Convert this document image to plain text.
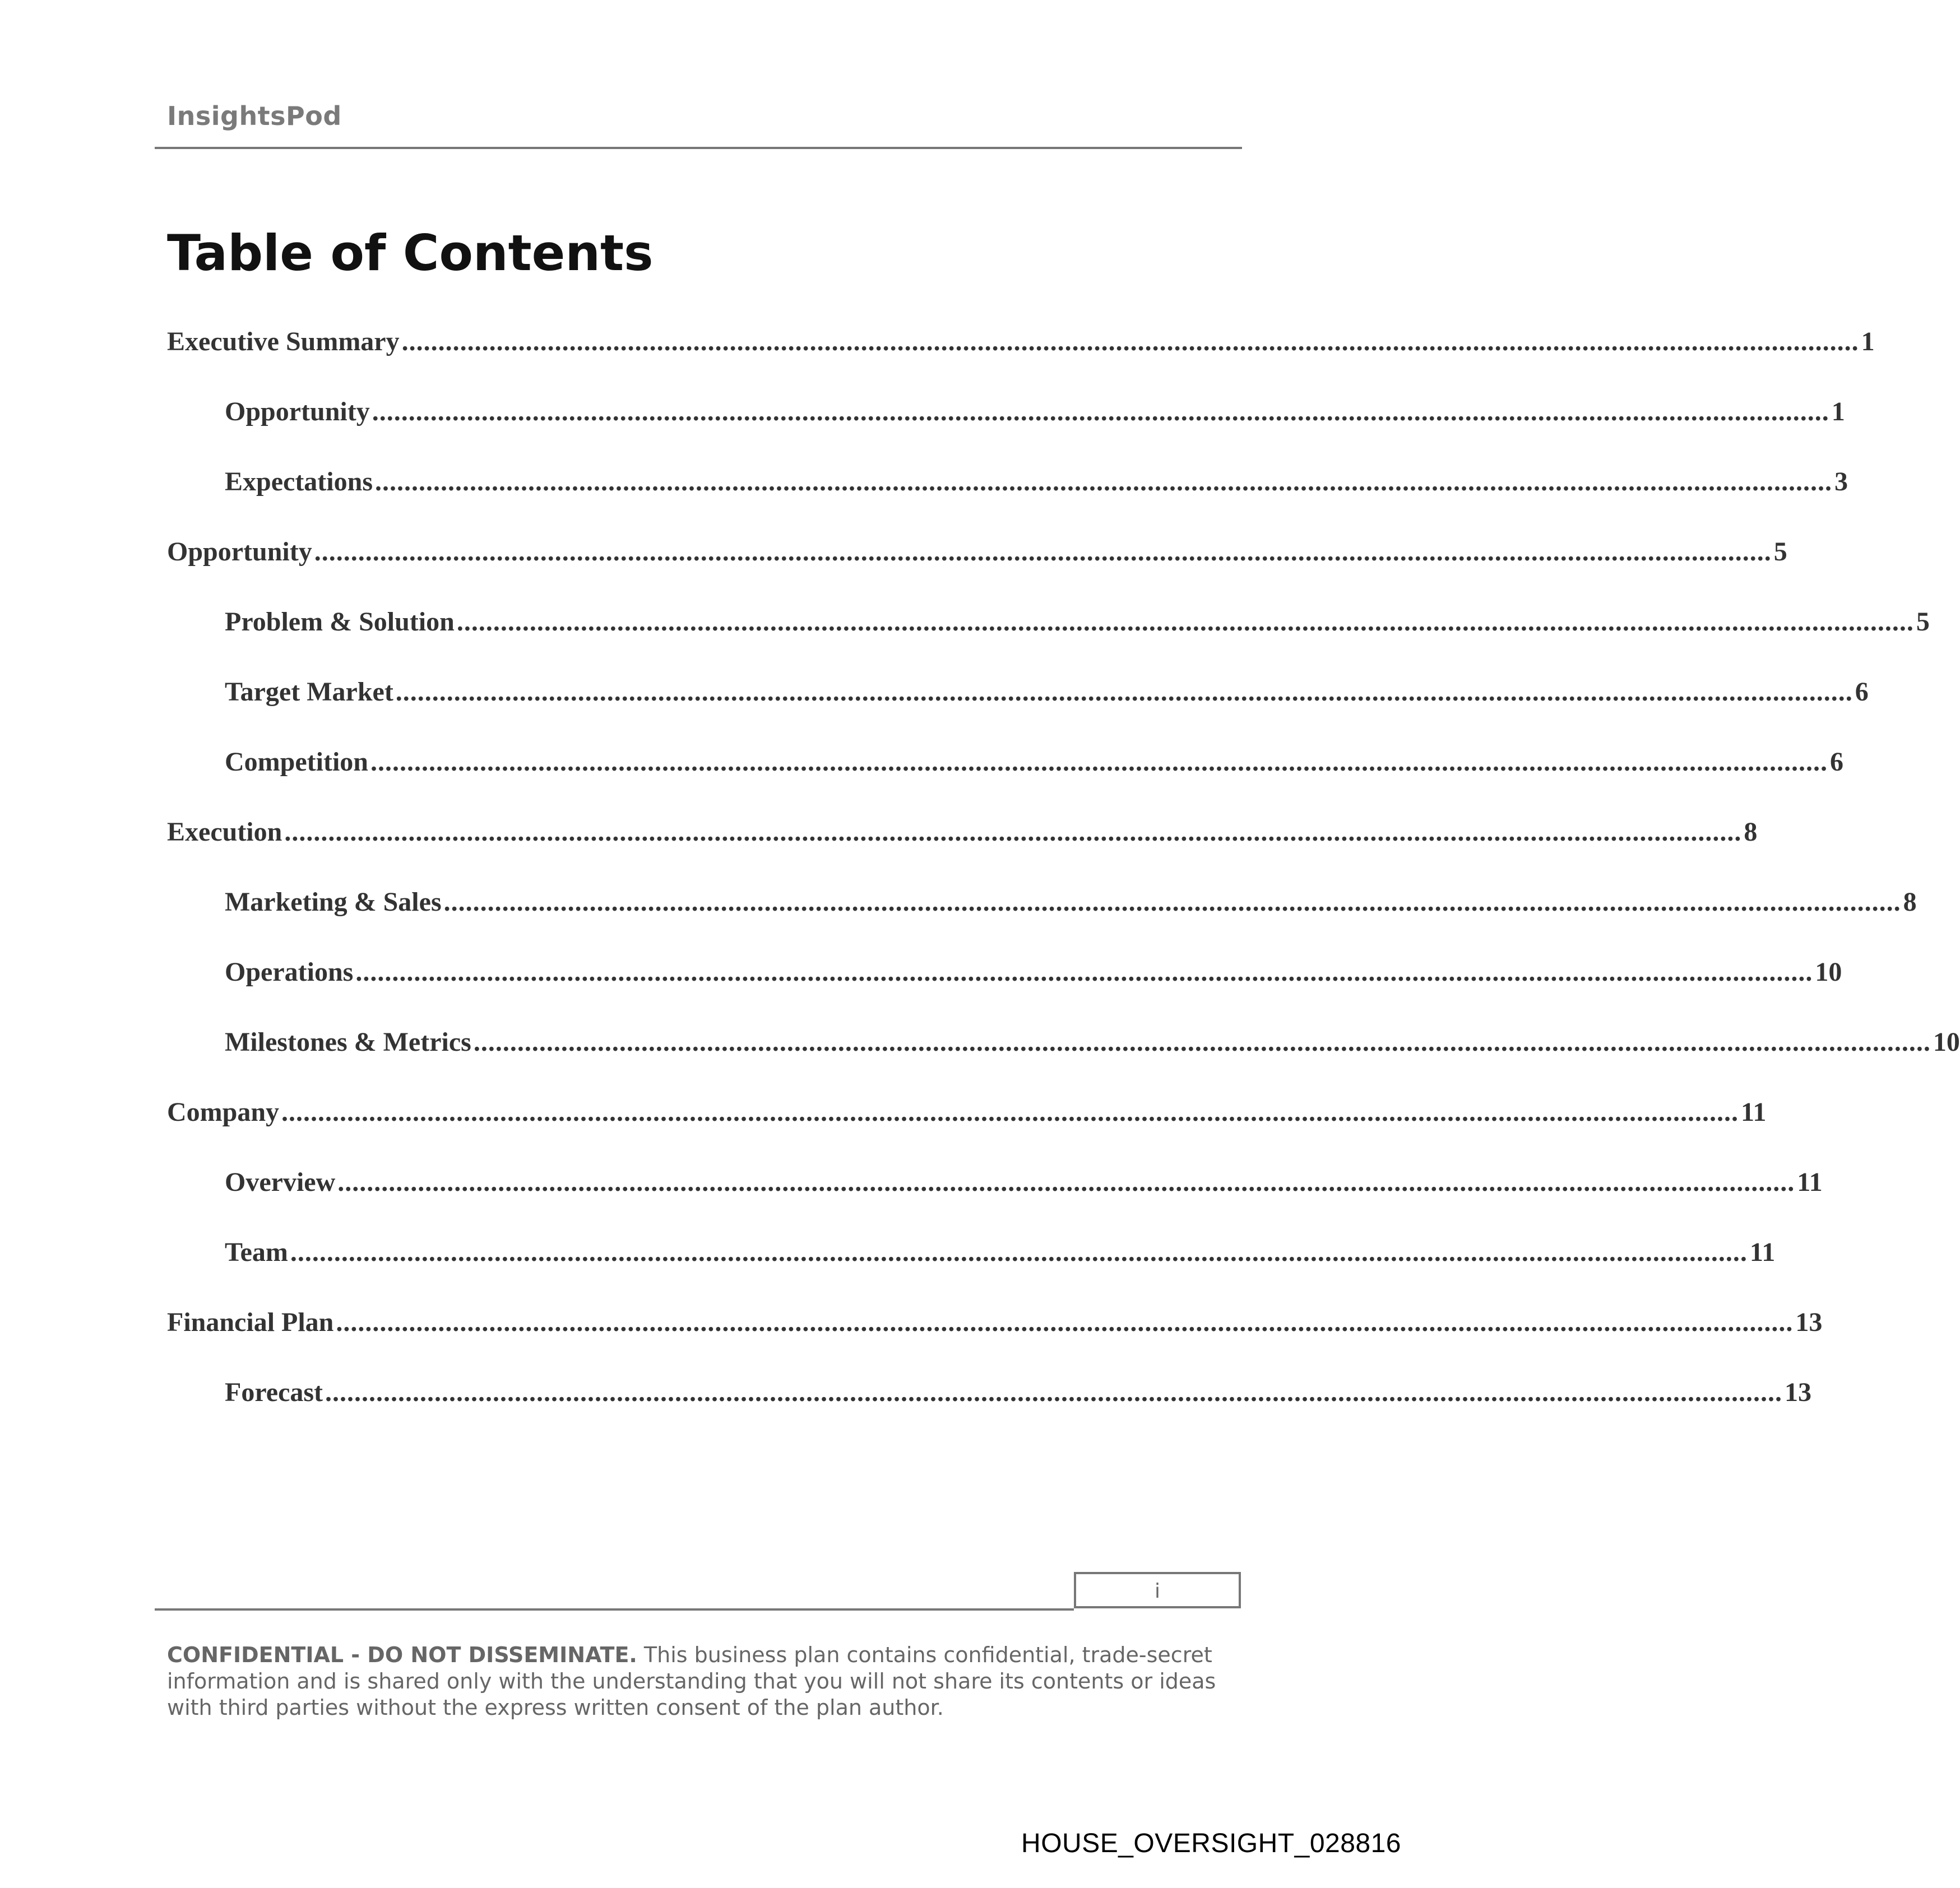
InsightsPod
Table of Contents
Executive Summary ........................................................................................................................................................................................................ 1
Opportunity ........................................................................................................................................................................................................ 1
Expectations ........................................................................................................................................................................................................ 3
Opportunity ........................................................................................................................................................................................................ 5
Problem & Solution ........................................................................................................................................................................................................ 5
Target Market ........................................................................................................................................................................................................ 6
Competition ........................................................................................................................................................................................................ 6
Execution ........................................................................................................................................................................................................ 8
Marketing & Sales ........................................................................................................................................................................................................ 8
Operations ........................................................................................................................................................................................................ 10
Milestones & Metrics ........................................................................................................................................................................................................ 10
Company ........................................................................................................................................................................................................ 11
Overview ........................................................................................................................................................................................................ 11
Team ........................................................................................................................................................................................................ 11
Financial Plan ........................................................................................................................................................................................................ 13
Forecast ........................................................................................................................................................................................................ 13
i
CONFIDENTIAL - DO NOT DISSEMINATE. This business plan contains confidential, trade-secret information and is shared only with the understanding that you will not share its contents or ideas with third parties without the express written consent of the plan author.
HOUSE_OVERSIGHT_028816
